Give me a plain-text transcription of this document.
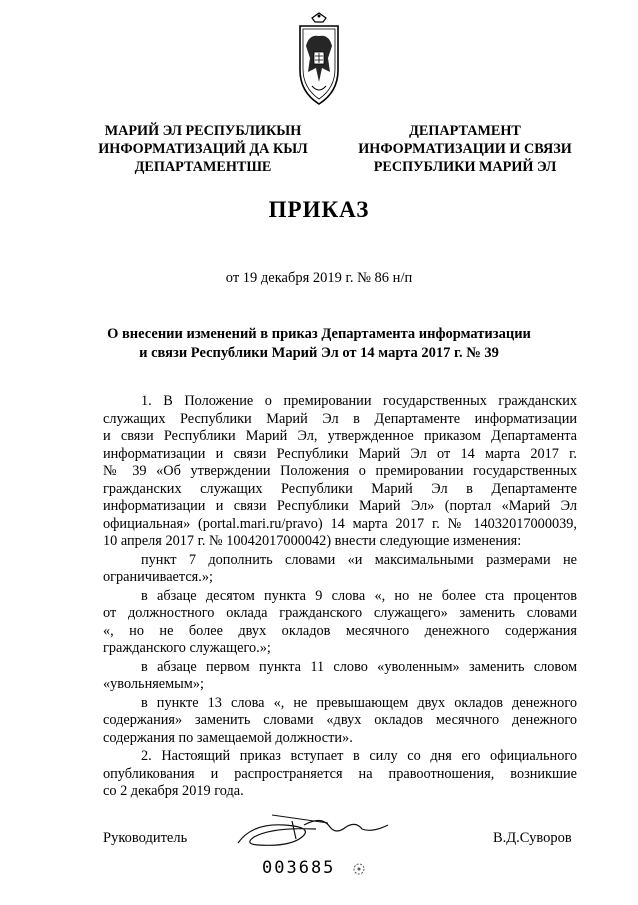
МАРИЙ ЭЛ РЕСПУБЛИКЫН
ИНФОРМАТИЗАЦИЙ ДА КЫЛ
ДЕПАРТАМЕНТШЕ
ДЕПАРТАМЕНТ
ИНФОРМАТИЗАЦИИ И СВЯЗИ
РЕСПУБЛИКИ МАРИЙ ЭЛ
ПРИКАЗ
от 19 декабря 2019 г. № 86 н/п
О внесении изменений в приказ Департамента информатизации
и связи Республики Марий Эл от 14 марта 2017 г. № 39
1. В Положение о премировании государственных гражданских
служащих Республики Марий Эл в Департаменте информатизации
и связи Республики Марий Эл, утвержденное приказом Департамента
информатизации и связи Республики Марий Эл от 14 марта 2017 г.
№ 39 «Об утверждении Положения о премировании государственных
гражданских служащих Республики Марий Эл в Департаменте
информатизации и связи Республики Марий Эл» (портал «Марий Эл
официальная» (portal.mari.ru/pravo) 14 марта 2017 г. № 14032017000039,
10 апреля 2017 г. № 10042017000042) внести следующие изменения:
пункт 7 дополнить словами «и максимальными размерами не
ограничивается.»;
в абзаце десятом пункта 9 слова «, но не более ста процентов
от должностного оклада гражданского служащего» заменить словами
«, но не более двух окладов месячного денежного содержания
гражданского служащего.»;
в абзаце первом пункта 11 слово «уволенным» заменить словом
«увольняемым»;
в пункте 13 слова «, не превышающем двух окладов денежного
содержания» заменить словами «двух окладов месячного денежного
содержания по замещаемой должности».
2. Настоящий приказ вступает в силу со дня его официального
опубликования и распространяется на правоотношения, возникшие
со 2 декабря 2019 года.
Руководитель	В.Д.Суворов
003685
